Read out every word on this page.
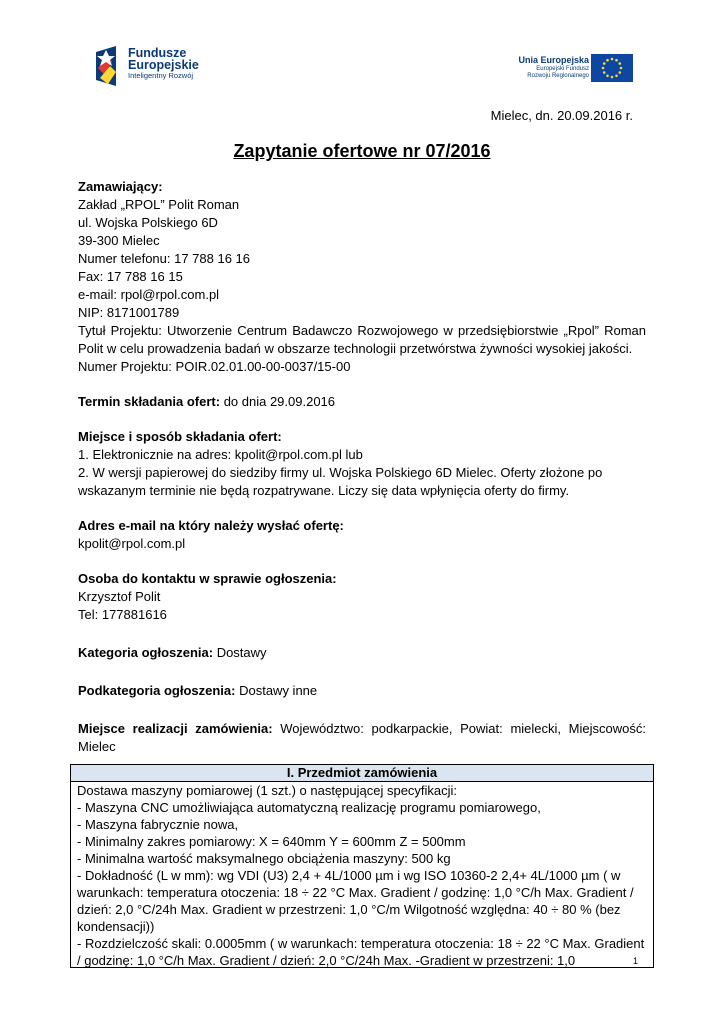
Fundusze
Europejskie
Inteligentny Rozwój
Unia Europejska
Europejski Fundusz
Rozwoju Regionalnego
Mielec, dn. 20.09.2016 r.
Zapytanie ofertowe nr 07/2016

Zamawiający:

Zakład „RPOL” Polit Roman

ul. Wojska Polskiego 6D

39-300 Mielec

Numer telefonu: 17 788 16 16

Fax: 17 788 16 15

e-mail: rpol@rpol.com.pl

NIP: 8171001789

Tytuł Projektu: Utworzenie Centrum Badawczo Rozwojowego w przedsiębiorstwie „Rpol” Roman Polit w celu prowadzenia badań w obszarze technologii przetwórstwa żywności wysokiej jakości.

Numer Projektu: POIR.02.01.00-00-0037/15-00

Termin składania ofert: do dnia 29.09.2016

Miejsce i sposób składania ofert:

1. Elektronicznie na adres: kpolit@rpol.com.pl lub

2. W wersji papierowej do siedziby firmy ul. Wojska Polskiego 6D Mielec. Oferty złożone po wskazanym terminie nie będą rozpatrywane. Liczy się data wpłynięcia oferty do firmy.

Adres e-mail na który należy wysłać ofertę:

kpolit@rpol.com.pl

Osoba do kontaktu w sprawie ogłoszenia:

Krzysztof Polit

Tel: 177881616

Kategoria ogłoszenia: Dostawy

Podkategoria ogłoszenia: Dostawy inne

Miejsce realizacji zamówienia: Województwo: podkarpackie, Powiat: mielecki, Miejscowość: Mielec

I. Przedmiot zamówienia
Dostawa maszyny pomiarowej (1 szt.) o następującej specyfikacji:
- Maszyna CNC umożliwiająca automatyczną realizację programu pomiarowego,
- Maszyna fabrycznie nowa,
- Minimalny zakres pomiarowy: X = 640mm Y = 600mm Z = 500mm
- Minimalna wartość maksymalnego obciążenia maszyny: 500 kg
- Dokładność (L w mm): wg VDI (U3) 2,4 + 4L/1000 µm i wg ISO 10360-2 2,4+ 4L/1000 µm ( w warunkach: temperatura otoczenia: 18 ÷ 22 °C Max. Gradient / godzinę: 1,0 °C/h Max. Gradient / dzień: 2,0 °C/24h Max. Gradient w przestrzeni: 1,0 °C/m Wilgotność względna: 40 ÷ 80 % (bez kondensacji))
- Rozdzielczość skali: 0.0005mm ( w warunkach: temperatura otoczenia: 18 ÷ 22 °C Max. Gradient / godzinę: 1,0 °C/h Max. Gradient / dzień: 2,0 °C/24h Max. -Gradient w przestrzeni: 1,0	1
